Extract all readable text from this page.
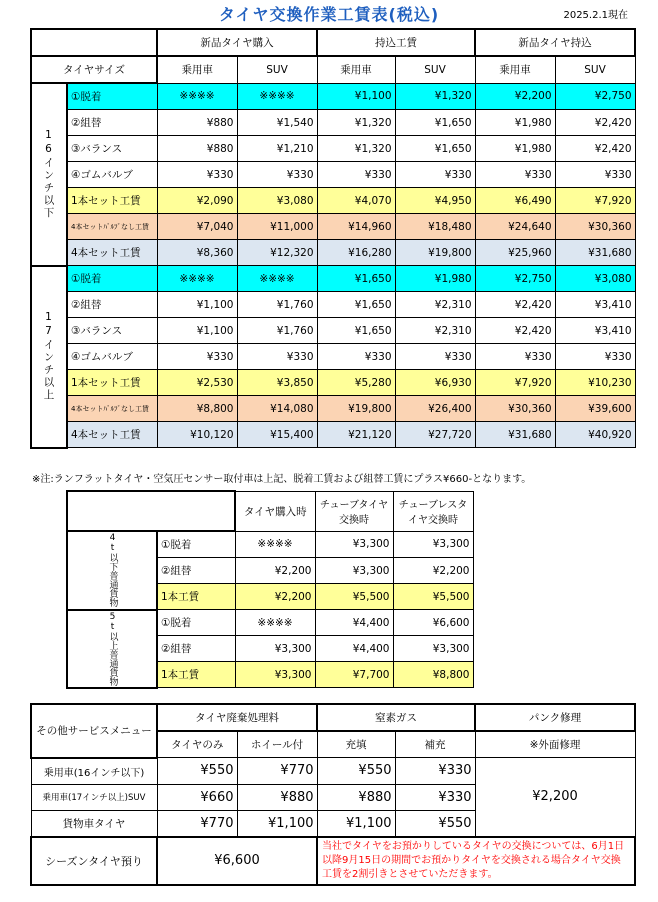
タイヤ交換作業工賃表(税込)	2025.2.1現在
		新品タイヤ購入		持込工賃		新品タイヤ持込	
タイヤサイズ		乗用車	SUV	乗用車	SUV	乗用車	SUV
16インチ以下	①脱着	※※※※	※※※※	¥1,100	¥1,320	¥2,200	¥2,750
	②組替	¥880	¥1,540	¥1,320	¥1,650	¥1,980	¥2,420
	③バランス	¥880	¥1,210	¥1,320	¥1,650	¥1,980	¥2,420
	④ゴムバルブ	¥330	¥330	¥330	¥330	¥330	¥330
	1本セット工賃	¥2,090	¥3,080	¥4,070	¥4,950	¥6,490	¥7,920
	4本セットﾊﾞﾙﾌﾞなし工賃	¥7,040	¥11,000	¥14,960	¥18,480	¥24,640	¥30,360
	4本セット工賃	¥8,360	¥12,320	¥16,280	¥19,800	¥25,960	¥31,680
17インチ以上	①脱着	※※※※	※※※※	¥1,650	¥1,980	¥2,750	¥3,080
	②組替	¥1,100	¥1,760	¥1,650	¥2,310	¥2,420	¥3,410
	③バランス	¥1,100	¥1,760	¥1,650	¥2,310	¥2,420	¥3,410
	④ゴムバルブ	¥330	¥330	¥330	¥330	¥330	¥330
	1本セット工賃	¥2,530	¥3,850	¥5,280	¥6,930	¥7,920	¥10,230
	4本セットﾊﾞﾙﾌﾞなし工賃	¥8,800	¥14,080	¥19,800	¥26,400	¥30,360	¥39,600
	4本セット工賃	¥10,120	¥15,400	¥21,120	¥27,720	¥31,680	¥40,920
※注:ランフラットタイヤ・空気圧センサー取付車は上記、脱着工賃および組替工賃にプラス¥660-となります。
		タイヤ購入時	チューブタイヤ交換時	チューブレスタイヤ交換時
4t以下普通貨物	①脱着	※※※※	¥3,300	¥3,300
	②組替	¥2,200	¥3,300	¥2,200
	1本工賃	¥2,200	¥5,500	¥5,500
5t以上普通貨物	①脱着	※※※※	¥4,400	¥6,600
	②組替	¥3,300	¥4,400	¥3,300
	1本工賃	¥3,300	¥7,700	¥8,800
その他サービスメニュー	タイヤ廃棄処理料		窒素ガス		パンク修理
	タイヤのみ	ホイール付	充填	補充	※外面修理
乗用車(16インチ以下)	¥550	¥770	¥550	¥330	¥2,200
乗用車(17インチ以上)SUV	¥660	¥880	¥880	¥330	
貨物車タイヤ	¥770	¥1,100	¥1,100	¥550	
シーズンタイヤ預り	¥6,600		当社でタイヤをお預かりしているタイヤの交換については、6月1日以降9月15日の期間でお預かりタイヤを交換される場合タイヤ交換工賃を2割引きとさせていただきます。		
